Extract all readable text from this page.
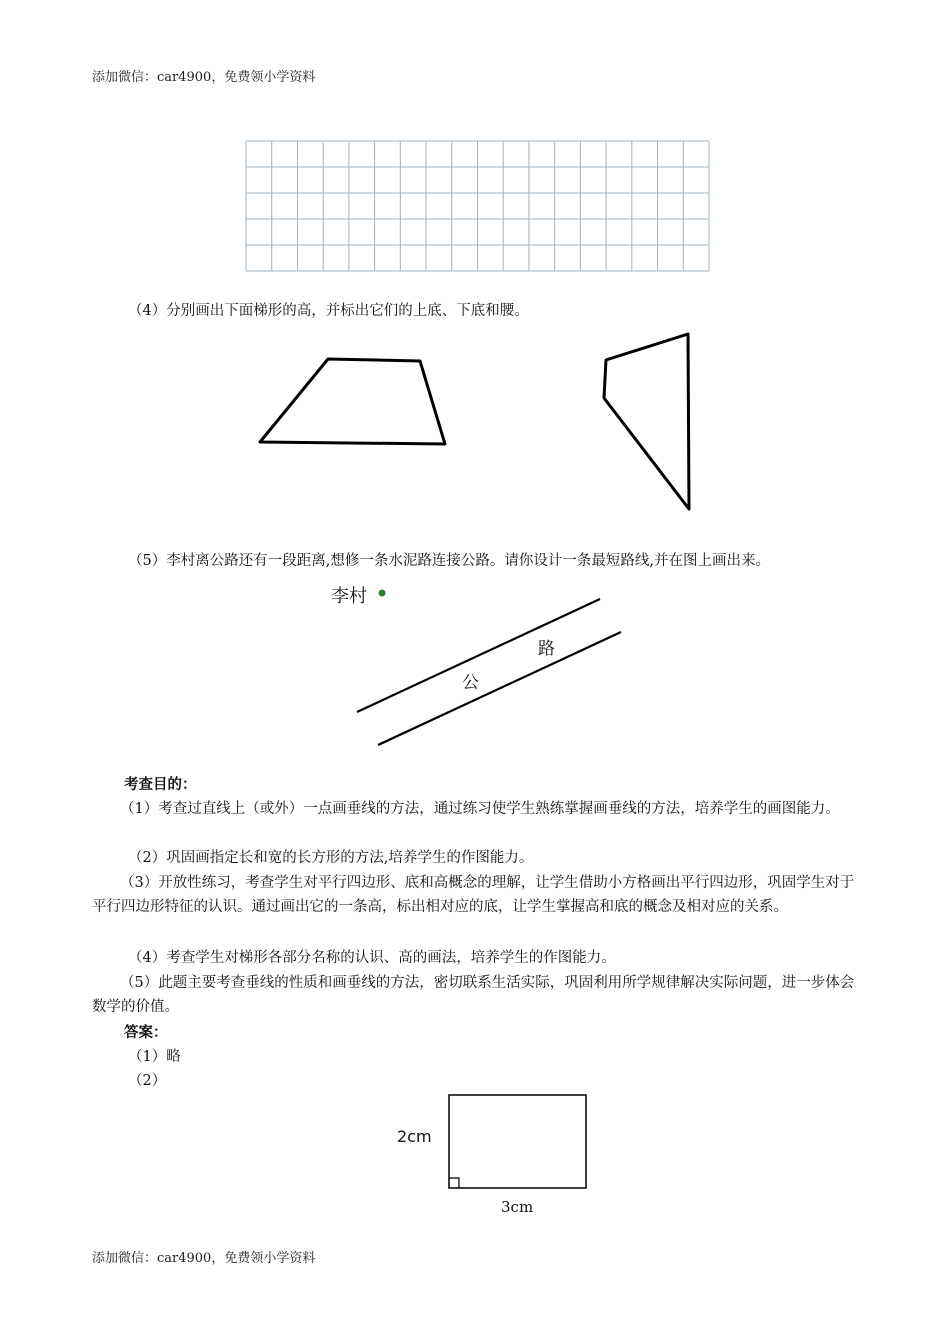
添加微信：car4900，免费领小学资料
（4）分别画出下面梯形的高，并标出它们的上底、下底和腰。
（5）李村离公路还有一段距离,想修一条水泥路连接公路。请你设计一条最短路线,并在图上画出来。
李村
公
路
考查目的：
（1）考查过直线上（或外）一点画垂线的方法，通过练习使学生熟练掌握画垂线的方法，培养学生的画图能力。
（2）巩固画指定长和宽的长方形的方法,培养学生的作图能力。
（3）开放性练习，考查学生对平行四边形、底和高概念的理解，让学生借助小方格画出平行四边形，巩固学生对于平行四边形特征的认识。通过画出它的一条高，标出相对应的底，让学生掌握高和底的概念及相对应的关系。
（4）考查学生对梯形各部分名称的认识、高的画法，培养学生的作图能力。
（5）此题主要考查垂线的性质和画垂线的方法，密切联系生活实际，巩固利用所学规律解决实际问题，进一步体会数学的价值。
答案：
（1）略
（2）
2cm
3cm
添加微信：car4900，免费领小学资料
